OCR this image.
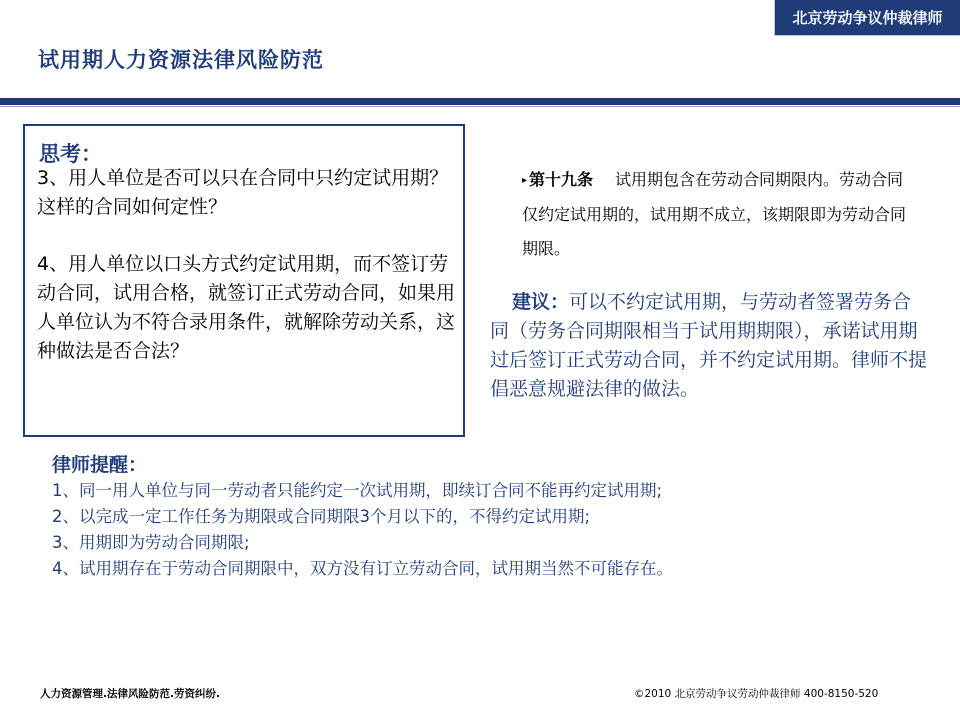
北京劳动争议仲裁律师
试用期人力资源法律风险防范
思考：
3、用人单位是否可以只在合同中只约定试用期？这样的合同如何定性？
4、用人单位以口头方式约定试用期，而不签订劳动合同，试用合格，就签订正式劳动合同，如果用人单位认为不符合录用条件，就解除劳动关系，这种做法是否合法？
▸ 第十九条 试用期包含在劳动合同期限内。劳动合同仅约定试用期的，试用期不成立，该期限即为劳动合同期限。
建议：可以不约定试用期，与劳动者签署劳务合同（劳务合同期限相当于试用期期限），承诺试用期过后签订正式劳动合同，并不约定试用期。律师不提倡恶意规避法律的做法。
律师提醒：
1、同一用人单位与同一劳动者只能约定一次试用期，即续订合同不能再约定试用期;
2、以完成一定工作任务为期限或合同期限3个月以下的，不得约定试用期;
3、用期即为劳动合同期限;
4、试用期存在于劳动合同期限中，双方没有订立劳动合同，试用期当然不可能存在。
人力资源管理.法律风险防范.劳资纠纷.	©2010 北京劳动争议劳动仲裁律师 400-8150-520
